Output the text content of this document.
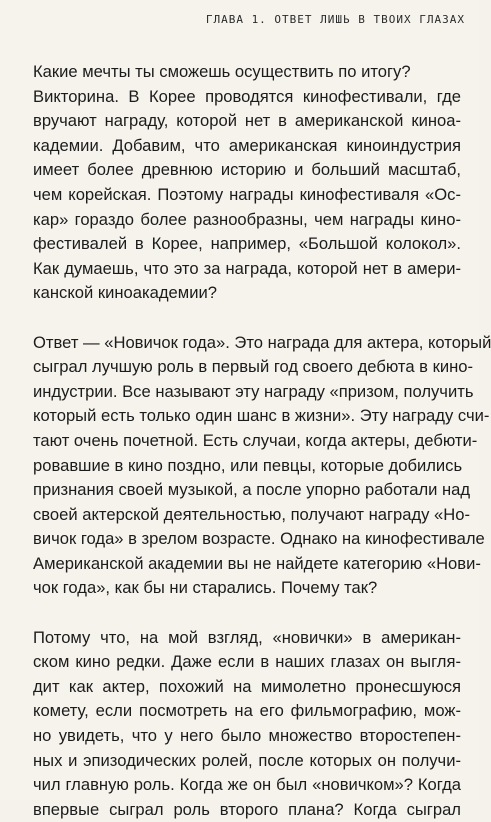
ГЛАВА 1. ОТВЕТ ЛИШЬ В ТВОИХ ГЛАЗАХ
Какие мечты ты сможешь осуществить по итогу?
Викторина. В Корее проводятся кинофестивали, где
вручают награду, которой нет в американской киноа-
кадемии. Добавим, что американская киноиндустрия
имеет более древнюю историю и больший масштаб,
чем корейская. Поэтому награды кинофестиваля «Ос-
кар» гораздо более разнообразны, чем награды кино-
фестивалей в Корее, например, «Большой колокол».
Как думаешь, что это за награда, которой нет в амери-
канской киноакадемии?
Ответ — «Новичок года». Это награда для актера, который
сыграл лучшую роль в первый год своего дебюта в кино-
индустрии. Все называют эту награду «призом, получить
который есть только один шанс в жизни». Эту награду счи-
тают очень почетной. Есть случаи, когда актеры, дебюти-
ровавшие в кино поздно, или певцы, которые добились
признания своей музыкой, а после упорно работали над
своей актерской деятельностью, получают награду «Но-
вичок года» в зрелом возрасте. Однако на кинофестивале
Американской академии вы не найдете категорию «Нови-
чок года», как бы ни старались. Почему так?
Потому что, на мой взгляд, «новички» в американ-
ском кино редки. Даже если в наших глазах он выгля-
дит как актер, похожий на мимолетно пронесшуюся
комету, если посмотреть на его фильмографию, мож-
но увидеть, что у него было множество второстепен-
ных и эпизодических ролей, после которых он получи-
чил главную роль. Когда же он был «новичком»? Когда
впервые сыграл роль второго плана? Когда сыграл
